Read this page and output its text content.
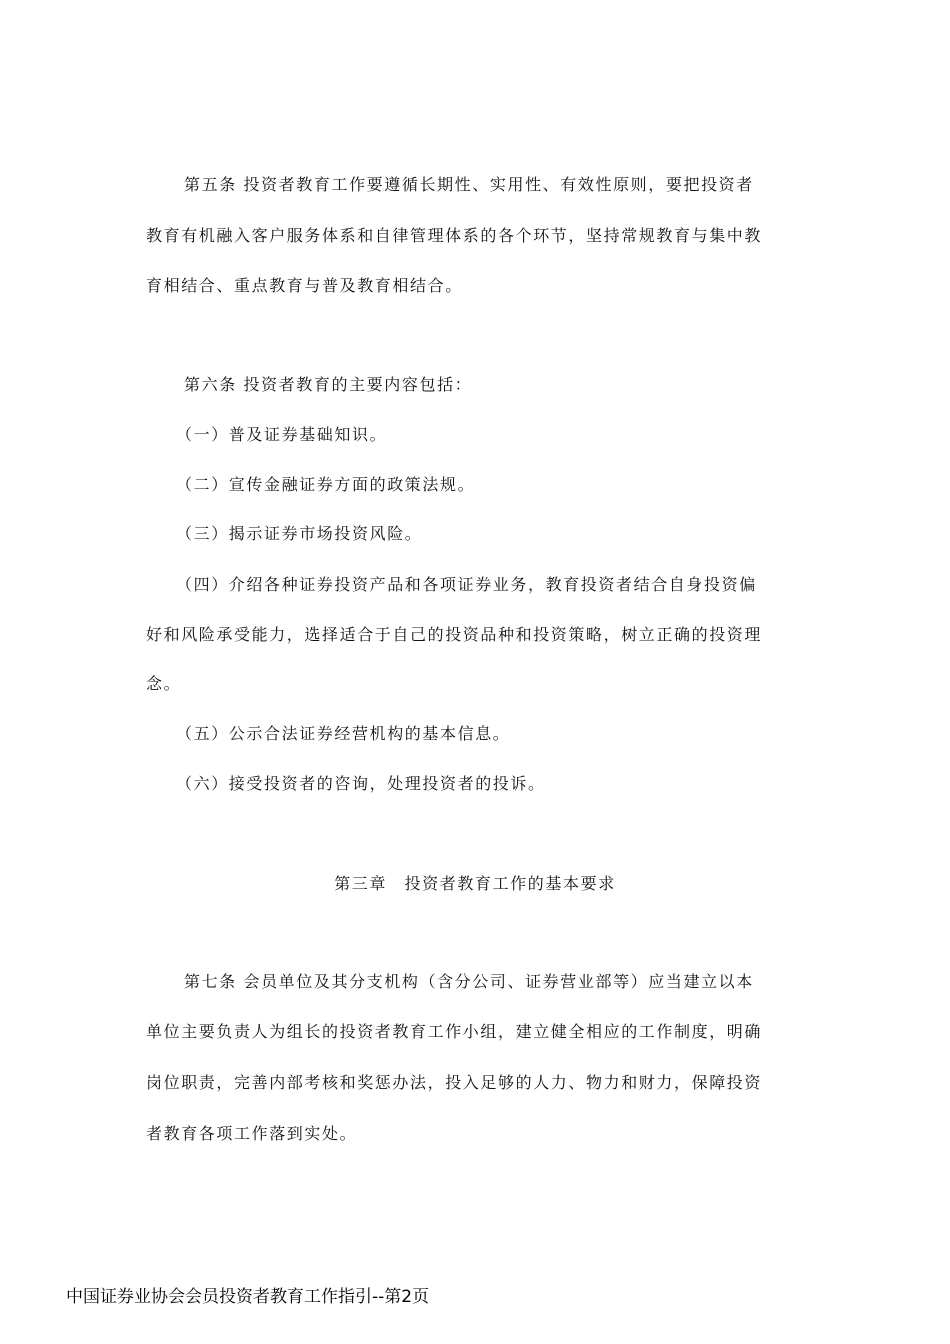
第五条 投资者教育工作要遵循长期性、实用性、有效性原则，要把投资者
教育有机融入客户服务体系和自律管理体系的各个环节，坚持常规教育与集中教
育相结合、重点教育与普及教育相结合。
第六条 投资者教育的主要内容包括：
（一）普及证券基础知识。
（二）宣传金融证券方面的政策法规。
（三）揭示证券市场投资风险。
（四）介绍各种证券投资产品和各项证券业务，教育投资者结合自身投资偏
好和风险承受能力，选择适合于自己的投资品种和投资策略，树立正确的投资理
念。
（五）公示合法证券经营机构的基本信息。
（六）接受投资者的咨询，处理投资者的投诉。
第三章　投资者教育工作的基本要求
第七条 会员单位及其分支机构（含分公司、证券营业部等）应当建立以本
单位主要负责人为组长的投资者教育工作小组，建立健全相应的工作制度，明确
岗位职责，完善内部考核和奖惩办法，投入足够的人力、物力和财力，保障投资
者教育各项工作落到实处。
中国证券业协会会员投资者教育工作指引--第2页
